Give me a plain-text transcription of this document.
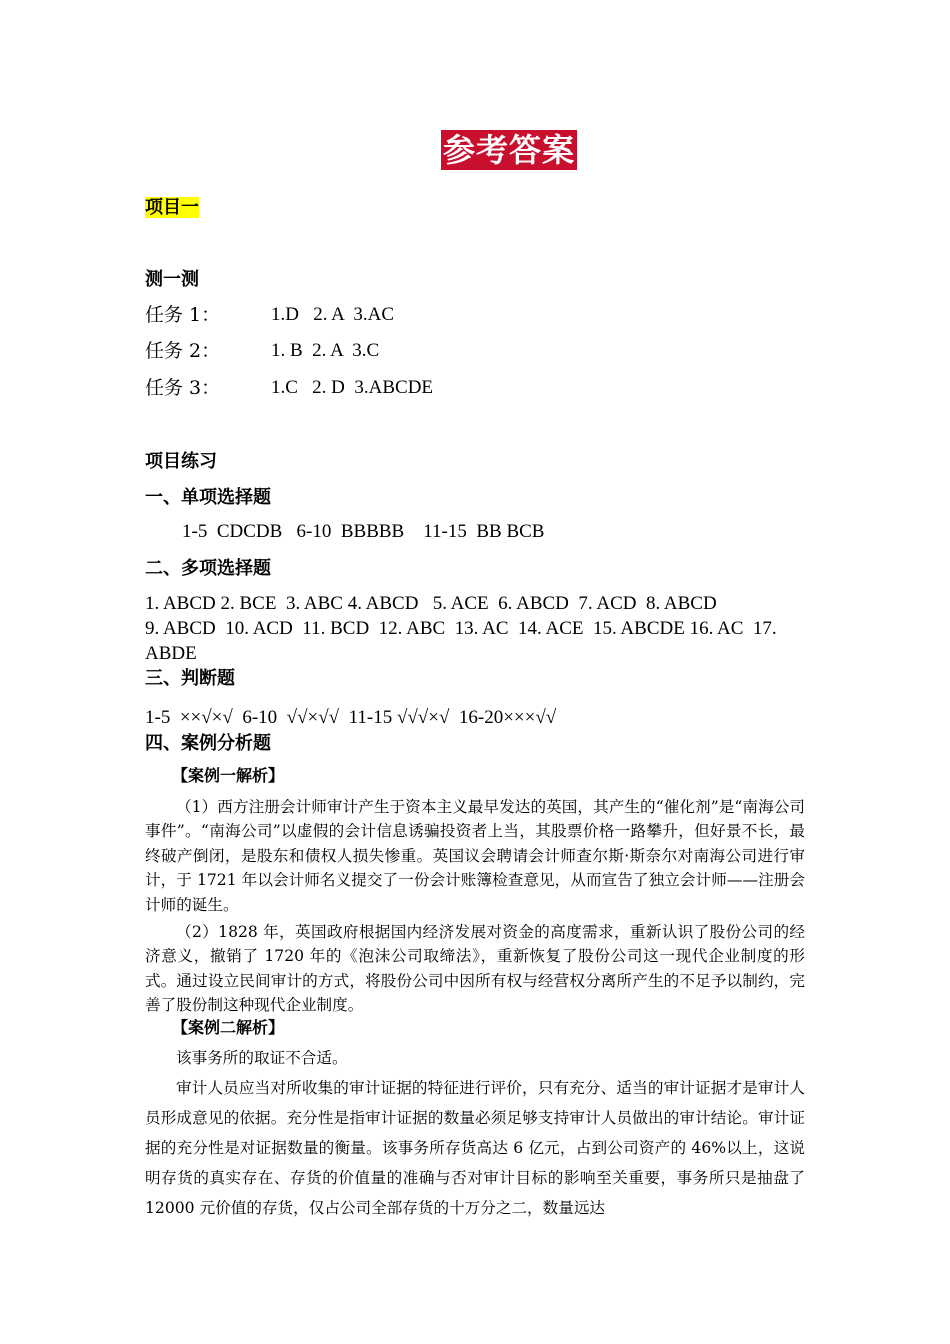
参考答案
项目一
测一测
任务 1：	1.D   2. A  3.AC
任务 2：	1. B  2. A  3.C
任务 3：	1.C   2. D  3.ABCDE
项目练习
一、单项选择题
1-5  CDCDB   6-10  BBBBB    11-15  BB BCB
二、多项选择题
1. ABCD 2. BCE  3. ABC 4. ABCD   5. ACE  6. ABCD  7. ACD  8. ABCD
9. ABCD  10. ACD  11. BCD  12. ABC  13. AC  14. ACE  15. ABCDE 16. AC  17.
ABDE
三、判断题
1-5  ××√×√  6-10  √√×√√  11-15 √√√×√  16-20×××√√
四、案例分析题
【案例一解析】
（1）西方注册会计师审计产生于资本主义最早发达的英国，其产生的“催化剂”是“南海公司事件”。“南海公司”以虚假的会计信息诱骗投资者上当，其股票价格一路攀升，但好景不长，最终破产倒闭，是股东和债权人损失惨重。英国议会聘请会计师查尔斯·斯奈尔对南海公司进行审计，于 1721 年以会计师名义提交了一份会计账簿检查意见，从而宣告了独立会计师——注册会计师的诞生。
（2）1828 年，英国政府根据国内经济发展对资金的高度需求，重新认识了股份公司的经济意义，撤销了 1720 年的《泡沫公司取缔法》，重新恢复了股份公司这一现代企业制度的形式。通过设立民间审计的方式，将股份公司中因所有权与经营权分离所产生的不足予以制约，完善了股份制这种现代企业制度。
【案例二解析】
该事务所的取证不合适。
审计人员应当对所收集的审计证据的特征进行评价，只有充分、适当的审计证据才是审计人员形成意见的依据。充分性是指审计证据的数量必须足够支持审计人员做出的审计结论。审计证据的充分性是对证据数量的衡量。该事务所存货高达 6 亿元，占到公司资产的 46%以上，这说明存货的真实存在、存货的价值量的准确与否对审计目标的影响至关重要，事务所只是抽盘了 12000 元价值的存货，仅占公司全部存货的十万分之二，数量远达
